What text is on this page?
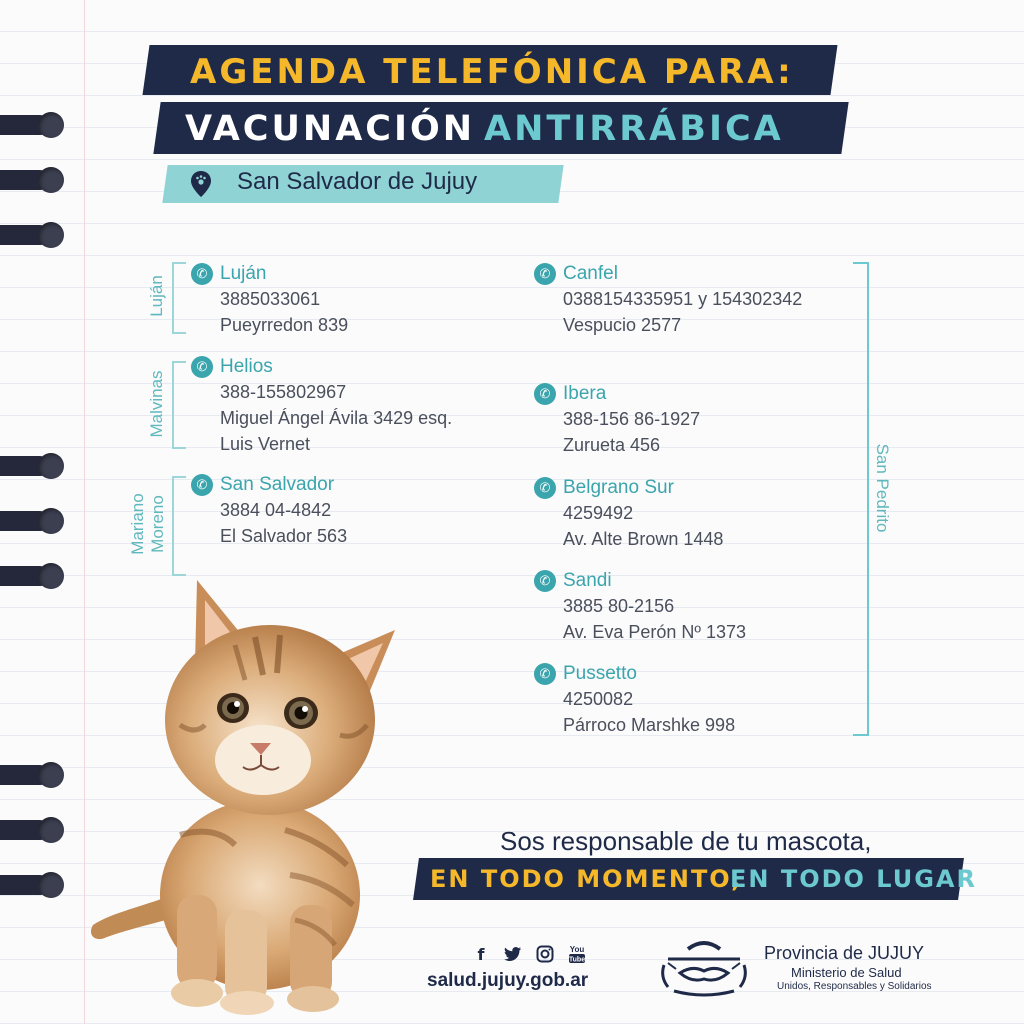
AGENDA TELEFÓNICA PARA:
VACUNACIÓN ANTIRRÁBICA
San Salvador de Jujuy
Luján
Malvinas
Mariano
Moreno	San Pedrito
✆ Luján
3885033061
Pueyrredon 839
✆ Helios
388-155802967
Miguel Ángel Ávila 3429 esq.
Luis Vernet
✆ San Salvador
3884 04-4842
El Salvador 563
✆ Canfel
0388154335951 y 154302342
Vespucio 2577
✆ Ibera
388-156 86-1927
Zurueta 456
✆ Belgrano Sur
4259492
Av. Alte Brown 1448
✆ Sandi
3885 80-2156
Av. Eva Perón Nº 1373
✆ Pussetto
4250082
Párroco Marshke 998
Sos responsable de tu mascota,
EN TODO MOMENTO,
EN TODO LUGAR
f	You
Tube
salud.jujuy.gob.ar
Provincia de JUJUY
Ministerio de Salud
Unidos, Responsables y Solidarios
